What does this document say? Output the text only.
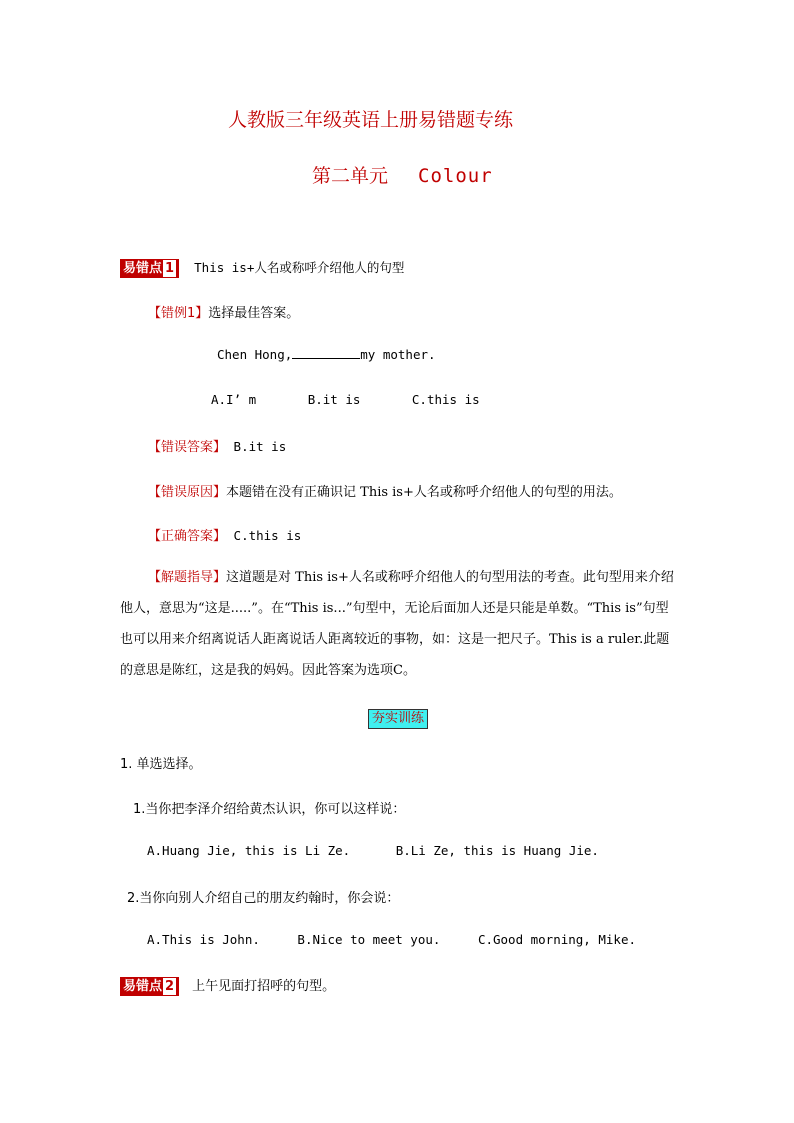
人教版三年级英语上册易错题专练
第二单元 Colour
易错点 1 This is+人名或称呼介绍他人的句型
【错例1】选择最佳答案。
Chen Hong,	my mother.
A.I’ m	B.it is	C.this is
【错误答案】 B.it is
【错误原因】本题错在没有正确识记 This is+人名或称呼介绍他人的句型的用法。
【正确答案】 C.this is
【解题指导】这道题是对 This is+人名或称呼介绍他人的句型用法的考查。此句型用来介绍他人，意思为“这是.....”。在“This is...”句型中，无论后面加人还是只能是单数。“This is”句型也可以用来介绍离说话人距离说话人距离较近的事物，如：这是一把尺子。This is a ruler.此题的意思是陈红，这是我的妈妈。因此答案为选项C。
夯实训练
1. 单选选择。
1.当你把李泽介绍给黄杰认识，你可以这样说：
A.Huang Jie, this is Li Ze.	B.Li Ze, this is Huang Jie.
2.当你向别人介绍自己的朋友约翰时，你会说：
A.This is John.	B.Nice to meet you.	C.Good morning, Mike.
易错点 2 上午见面打招呼的句型。
